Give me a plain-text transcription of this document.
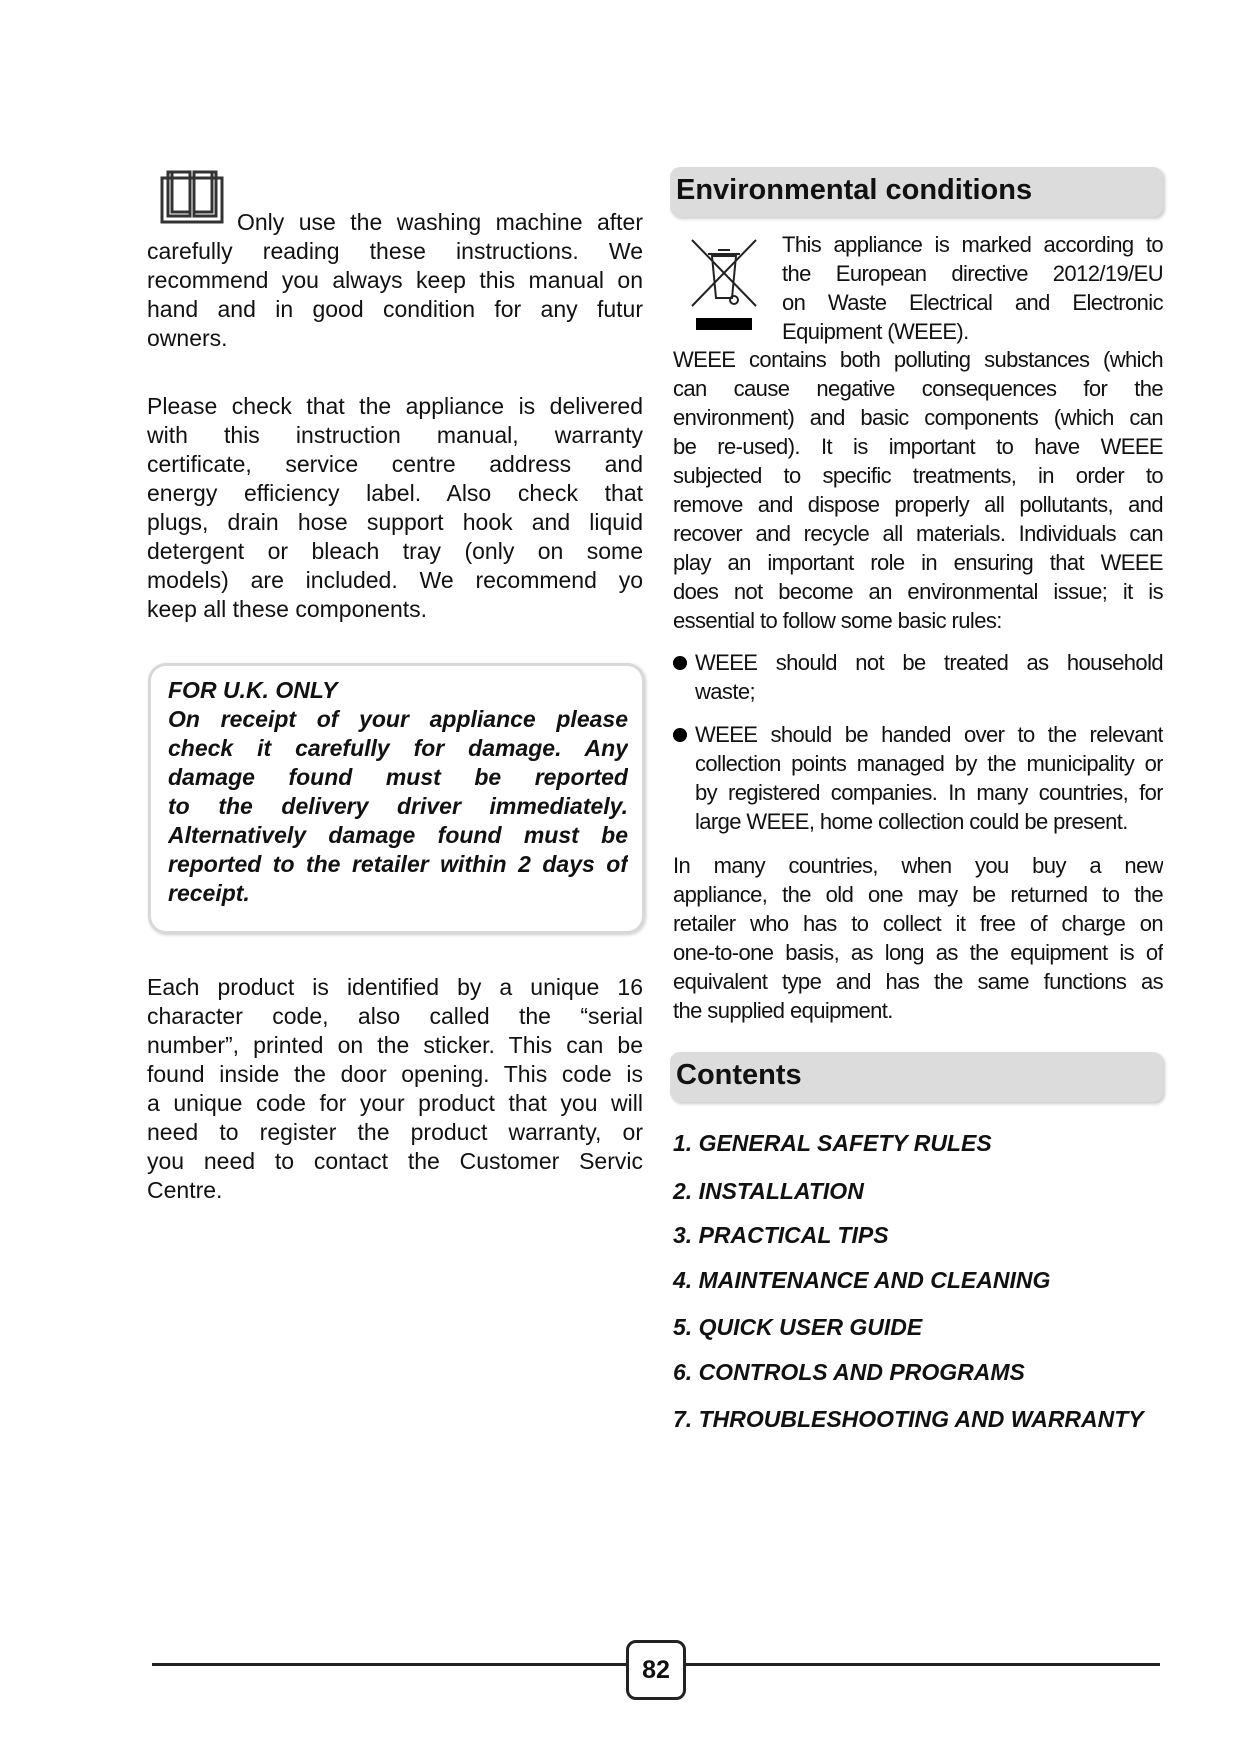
Only use the washing machine after
carefully reading these instructions. We
recommend you always keep this manual on
hand and in good condition for any futur
owners.
Please check that the appliance is delivered
with this instruction manual, warranty
certificate, service centre address and
energy efficiency label. Also check that
plugs, drain hose support hook and liquid
detergent or bleach tray (only on some
models) are included. We recommend yo
keep all these components.
FOR U.K. ONLY
On receipt of your appliance please
check it carefully for damage. Any
damage found must be reported
to the delivery driver immediately.
Alternatively damage found must be
reported to the retailer within 2 days of
receipt.
Each product is identified by a unique 16
character code, also called the “serial
number”, printed on the sticker. This can be
found inside the door opening. This code is
a unique code for your product that you will
need to register the product warranty, or
you need to contact the Customer Servic
Centre.
Environmental conditions
This appliance is marked according to
the European directive 2012/19/EU
on Waste Electrical and Electronic
Equipment (WEEE).
WEEE contains both polluting substances (which
can cause negative consequences for the
environment) and basic components (which can
be re-used). It is important to have WEEE
subjected to specific treatments, in order to
remove and dispose properly all pollutants, and
recover and recycle all materials. Individuals can
play an important role in ensuring that WEEE
does not become an environmental issue; it is
essential to follow some basic rules:
WEEE should not be treated as household
waste;
WEEE should be handed over to the relevant
collection points managed by the municipality or
by registered companies. In many countries, for
large WEEE, home collection could be present.
In many countries, when you buy a new
appliance, the old one may be returned to the
retailer who has to collect it free of charge on
one-to-one basis, as long as the equipment is of
equivalent type and has the same functions as
the supplied equipment.
Contents
1. GENERAL SAFETY RULES
2. INSTALLATION
3. PRACTICAL TIPS
4. MAINTENANCE AND CLEANING
5. QUICK USER GUIDE
6. CONTROLS AND PROGRAMS
7. THROUBLESHOOTING AND WARRANTY
82
